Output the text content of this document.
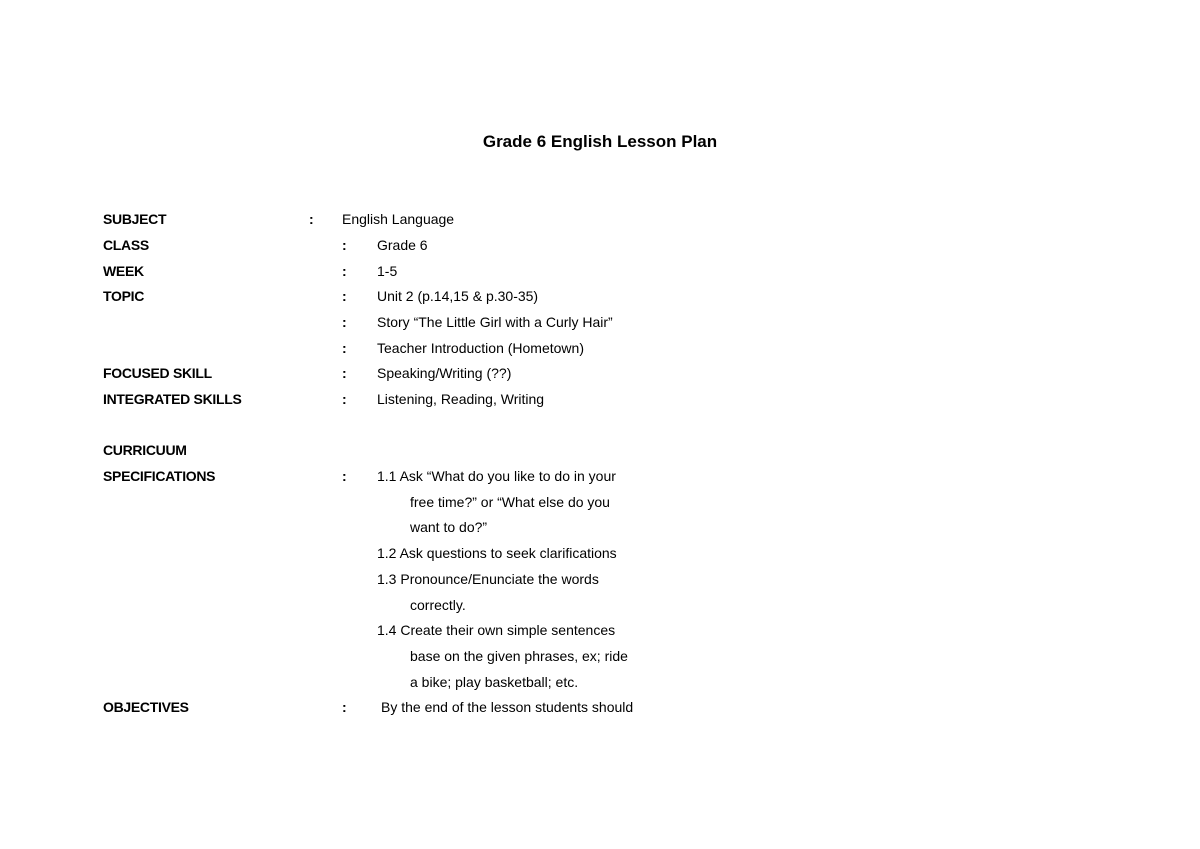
Grade 6 English Lesson Plan
SUBJECT	: English Language
CLASS	: Grade 6
WEEK	: 1-5
TOPIC	: Unit 2 (p.14,15 & p.30-35)
: Story “The Little Girl with a Curly Hair”
: Teacher Introduction (Hometown)
FOCUSED SKILL	: Speaking/Writing (??)
INTEGRATED SKILLS	: Listening, Reading, Writing
CURRICUUM
SPECIFICATIONS	: 1.1 Ask “What do you like to do in your
free time?” or “What else do you
want to do?”
1.2 Ask questions to seek clarifications
1.3 Pronounce/Enunciate the words
correctly.
1.4 Create their own simple sentences
base on the given phrases, ex; ride
a bike; play basketball; etc.
OBJECTIVES	: By the end of the lesson students should
